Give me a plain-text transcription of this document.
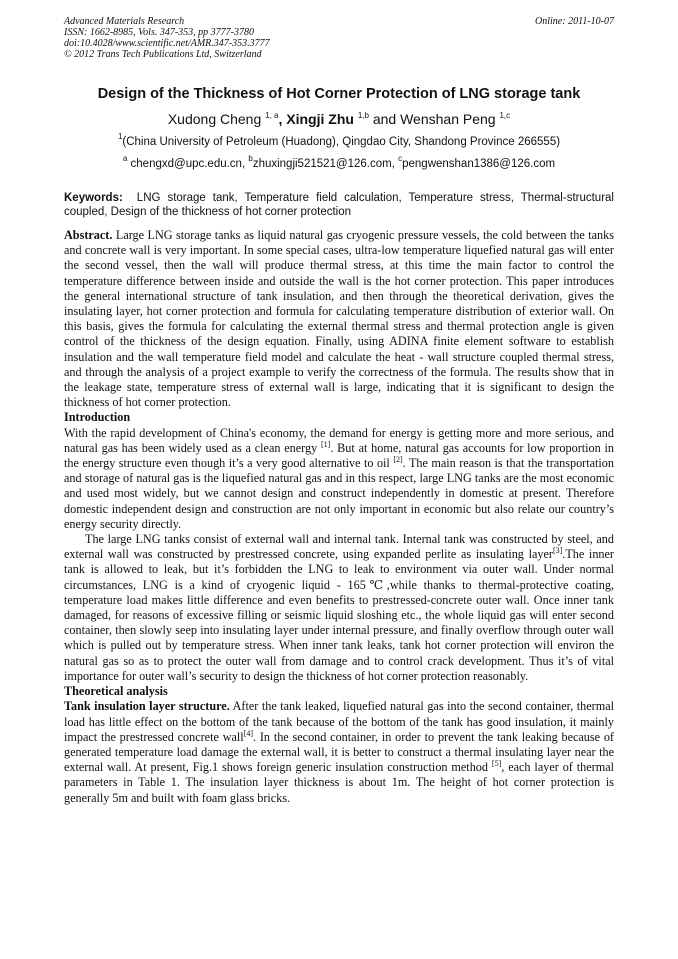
Advanced Materials Research
ISSN: 1662-8985, Vols. 347-353, pp 3777-3780
doi:10.4028/www.scientific.net/AMR.347-353.3777
© 2012 Trans Tech Publications Ltd, Switzerland
Online: 2011-10-07
Design of the Thickness of Hot Corner Protection of LNG storage tank
Xudong Cheng $^{1, a}$, Xingji Zhu $^{1,b}$ and Wenshan Peng $^{1,c}$
$^1$(China University of Petroleum (Huadong), Qingdao City, Shandong Province 266555)
$^a$ chengxd@upc.edu.cn, $^b$zhuxingji521521@126.com, $^c$pengwenshan1386@126.com
Keywords: LNG storage tank, Temperature field calculation, Temperature stress, Thermal-structural coupled, Design of the thickness of hot corner protection
Abstract. Large LNG storage tanks as liquid natural gas cryogenic pressure vessels, the cold between the tanks and concrete wall is very important. In some special cases, ultra-low temperature liquefied natural gas will enter the second vessel, then the wall will produce thermal stress, at this time the main factor to control the temperature difference between inside and outside the wall is the hot corner protection. This paper introduces the general international structure of tank insulation, and then through the theoretical derivation, gives the insulating layer, hot corner protection and formula for calculating temperature distribution of exterior wall. On this basis, gives the formula for calculating the external thermal stress and thermal protection angle is given control of the thickness of the design equation. Finally, using ADINA finite element software to establish insulation and the wall temperature field model and calculate the heat - wall structure coupled thermal stress, and through the analysis of a project example to verify the correctness of the formula. The results show that in the leakage state, temperature stress of external wall is large, indicating that it is significant to design the thickness of hot corner protection.
Introduction
With the rapid development of China's economy, the demand for energy is getting more and more serious, and natural gas has been widely used as a clean energy [1]. But at home, natural gas accounts for low proportion in the energy structure even though it’s a very good alternative to oil [2]. The main reason is that the transportation and storage of natural gas is the liquefied natural gas and in this respect, large LNG tanks are the most economic and used most widely, but we cannot design and construct independently in domestic at present. Therefore domestic independent design and construction are not only important in economic but also relate our country’s energy security directly.
The large LNG tanks consist of external wall and internal tank. Internal tank was constructed by steel, and external wall was constructed by prestressed concrete, using expanded perlite as insulating layer[3].The inner tank is allowed to leak, but it’s forbidden the LNG to leak to environment via outer wall. Under normal circumstances, LNG is a kind of cryogenic liquid - 165℃,while thanks to thermal-protective coating, temperature load makes little difference and even benefits to prestressed-concrete outer wall. Once inner tank damaged, for reasons of excessive filling or seismic liquid sloshing etc., the whole liquid gas will enter second container, then slowly seep into insulating layer under internal pressure, and finally overflow through outer wall which is pulled out by temperature stress. When inner tank leaks, tank hot corner protection will environ the natural gas so as to protect the outer wall from damage and to control crack development. Thus it’s of vital importance for outer wall’s security to design the thickness of hot corner protection reasonably.
Theoretical analysis
Tank insulation layer structure. After the tank leaked, liquefied natural gas into the second container, thermal load has little effect on the bottom of the tank because of the bottom of the tank has good insulation, it mainly impact the prestressed concrete wall[4]. In the second container, in order to prevent the tank leaking because of generated temperature load damage the external wall, it is better to construct a thermal insulating layer near the external wall. At present, Fig.1 shows foreign generic insulation construction method [5], each layer of thermal parameters in Table 1. The insulation layer thickness is about 1m. The height of hot corner protection is generally 5m and built with foam glass bricks.
